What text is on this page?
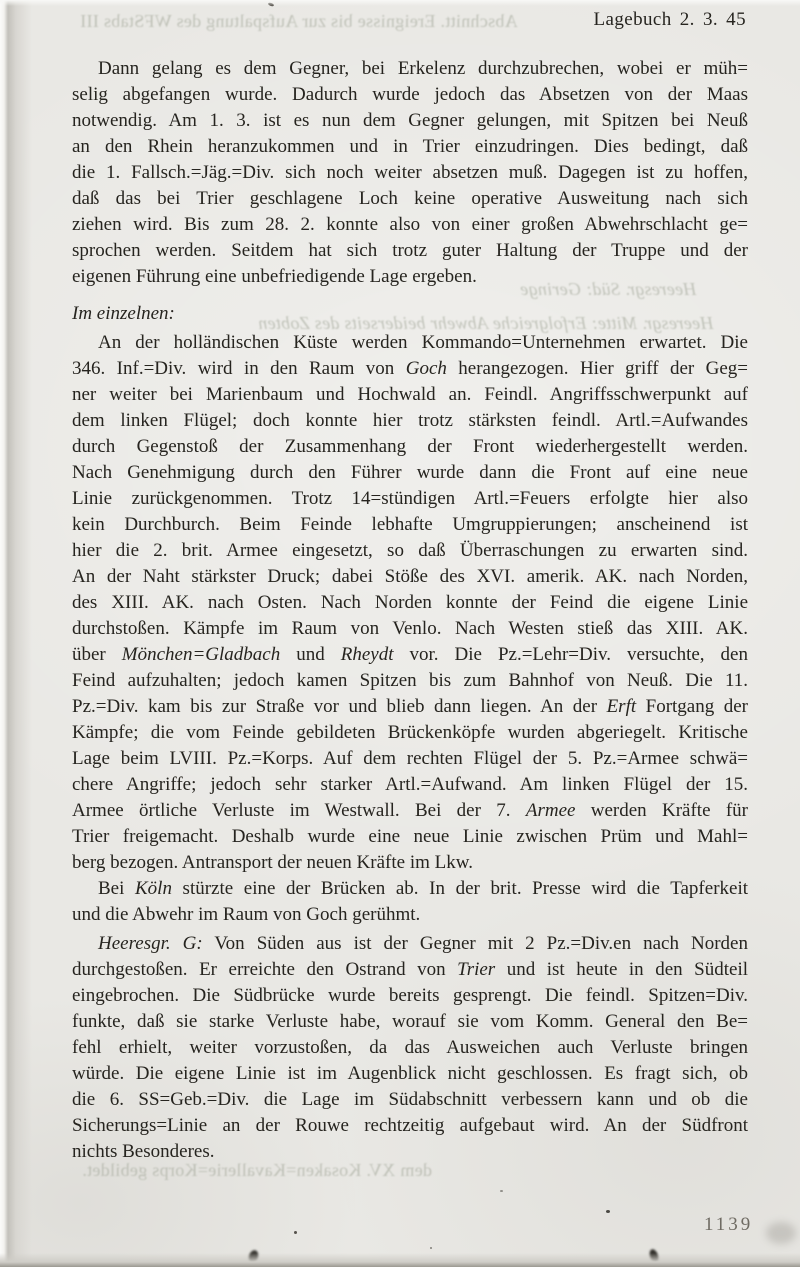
Abschnitt. Ereignisse bis zur Aufspaltung des WFStabs III
Heeresgr. Süd: Geringe
Heeresgr. Mitte: Erfolgreiche Abwehr beiderseits des Zobten
dem XV. Kosaken=Kavallerie=Korps gebildet.
Lagebuch 2. 3. 45

Dann gelang es dem Gegner, bei Erkelenz durchzubrechen, wobei er müh=
selig abgefangen wurde. Dadurch wurde jedoch das Absetzen von der Maas
notwendig. Am 1. 3. ist es nun dem Gegner gelungen, mit Spitzen bei Neuß
an den Rhein heranzukommen und in Trier einzudringen. Dies bedingt, daß
die 1. Fallsch.=Jäg.=Div. sich noch weiter absetzen muß. Dagegen ist zu hoffen,
daß das bei Trier geschlagene Loch keine operative Ausweitung nach sich
ziehen wird. Bis zum 28. 2. konnte also von einer großen Abwehrschlacht ge=
sprochen werden. Seitdem hat sich trotz guter Haltung der Truppe und der
eigenen Führung eine unbefriedigende Lage ergeben.

Im einzelnen:

An der holländischen Küste werden Kommando=Unternehmen erwartet. Die
346. Inf.=Div. wird in den Raum von Goch herangezogen. Hier griff der Geg=
ner weiter bei Marienbaum und Hochwald an. Feindl. Angriffsschwerpunkt auf
dem linken Flügel; doch konnte hier trotz stärksten feindl. Artl.=Aufwandes
durch Gegenstoß der Zusammenhang der Front wiederhergestellt werden.
Nach Genehmigung durch den Führer wurde dann die Front auf eine neue
Linie zurückgenommen. Trotz 14=stündigen Artl.=Feuers erfolgte hier also
kein Durchburch. Beim Feinde lebhafte Umgruppierungen; anscheinend ist
hier die 2. brit. Armee eingesetzt, so daß Überraschungen zu erwarten sind.
An der Naht stärkster Druck; dabei Stöße des XVI. amerik. AK. nach Norden,
des XIII. AK. nach Osten. Nach Norden konnte der Feind die eigene Linie
durchstoßen. Kämpfe im Raum von Venlo. Nach Westen stieß das XIII. AK.
über Mönchen=Gladbach und Rheydt vor. Die Pz.=Lehr=Div. versuchte, den
Feind aufzuhalten; jedoch kamen Spitzen bis zum Bahnhof von Neuß. Die 11.
Pz.=Div. kam bis zur Straße vor und blieb dann liegen. An der Erft Fortgang der
Kämpfe; die vom Feinde gebildeten Brückenköpfe wurden abgeriegelt. Kritische
Lage beim LVIII. Pz.=Korps. Auf dem rechten Flügel der 5. Pz.=Armee schwä=
chere Angriffe; jedoch sehr starker Artl.=Aufwand. Am linken Flügel der 15.
Armee örtliche Verluste im Westwall. Bei der 7. Armee werden Kräfte für
Trier freigemacht. Deshalb wurde eine neue Linie zwischen Prüm und Mahl=
berg bezogen. Antransport der neuen Kräfte im Lkw.

Bei Köln stürzte eine der Brücken ab. In der brit. Presse wird die Tapferkeit
und die Abwehr im Raum von Goch gerühmt.

Heeresgr. G: Von Süden aus ist der Gegner mit 2 Pz.=Div.en nach Norden
durchgestoßen. Er erreichte den Ostrand von Trier und ist heute in den Südteil
eingebrochen. Die Südbrücke wurde bereits gesprengt. Die feindl. Spitzen=Div.
funkte, daß sie starke Verluste habe, worauf sie vom Komm. General den Be=
fehl erhielt, weiter vorzustoßen, da das Ausweichen auch Verluste bringen
würde. Die eigene Linie ist im Augenblick nicht geschlossen. Es fragt sich, ob
die 6. SS=Geb.=Div. die Lage im Südabschnitt verbessern kann und ob die
Sicherungs=Linie an der Rouwe rechtzeitig aufgebaut wird. An der Südfront
nichts Besonderes.

1139
